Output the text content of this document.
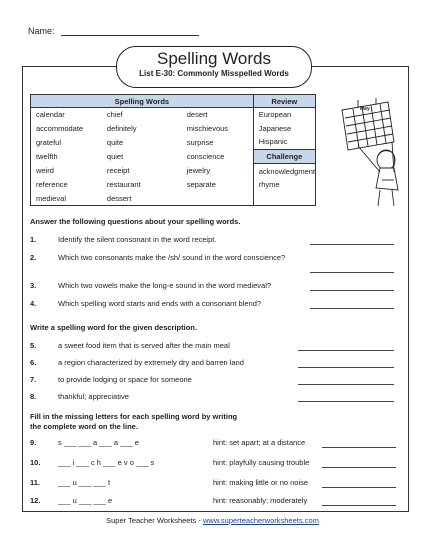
Name:
Spelling Words
List E-30: Commonly Misspelled Words
Spelling Words			Review
calendar	chief	desert	European
accommodate	definitely	mischievous	Japanese
grateful	quite	surprise	Hispanic
twelfth	quiet	conscience	Challenge
weird	receipt	jewelry	acknowledgment
reference	restaurant	separate	rhyme
medieval	dessert		
May
Answer the following questions about your spelling words.
1.	Identify the silent consonant in the word receipt.
2.	Which two consonants make the /sh/ sound in the word conscience?
3.	Which two vowels make the long-e sound in the word medieval?
4.	Which spelling word starts and ends with a consonant blend?
Write a spelling word for the given description.
5.	a sweet food item that is served after the main meal
6.	a region characterized by extremely dry and barren land
7.	to provide lodging or space for someone
8.	thankful; appreciative
Fill in the missing letters for each spelling word by writing the complete word on the line.
9.	s ___ ___ a ___ a ___ e	hint: set apart; at a distance
10. ___ i ___ c h ___ e v o ___ s	hint: playfully causing trouble
11. ___ u ___ ___ t	hint: making little or no noise
12. ___ u ___ ___ e	hint: reasonably; moderately
Super Teacher Worksheets - www.superteacherworksheets.com
